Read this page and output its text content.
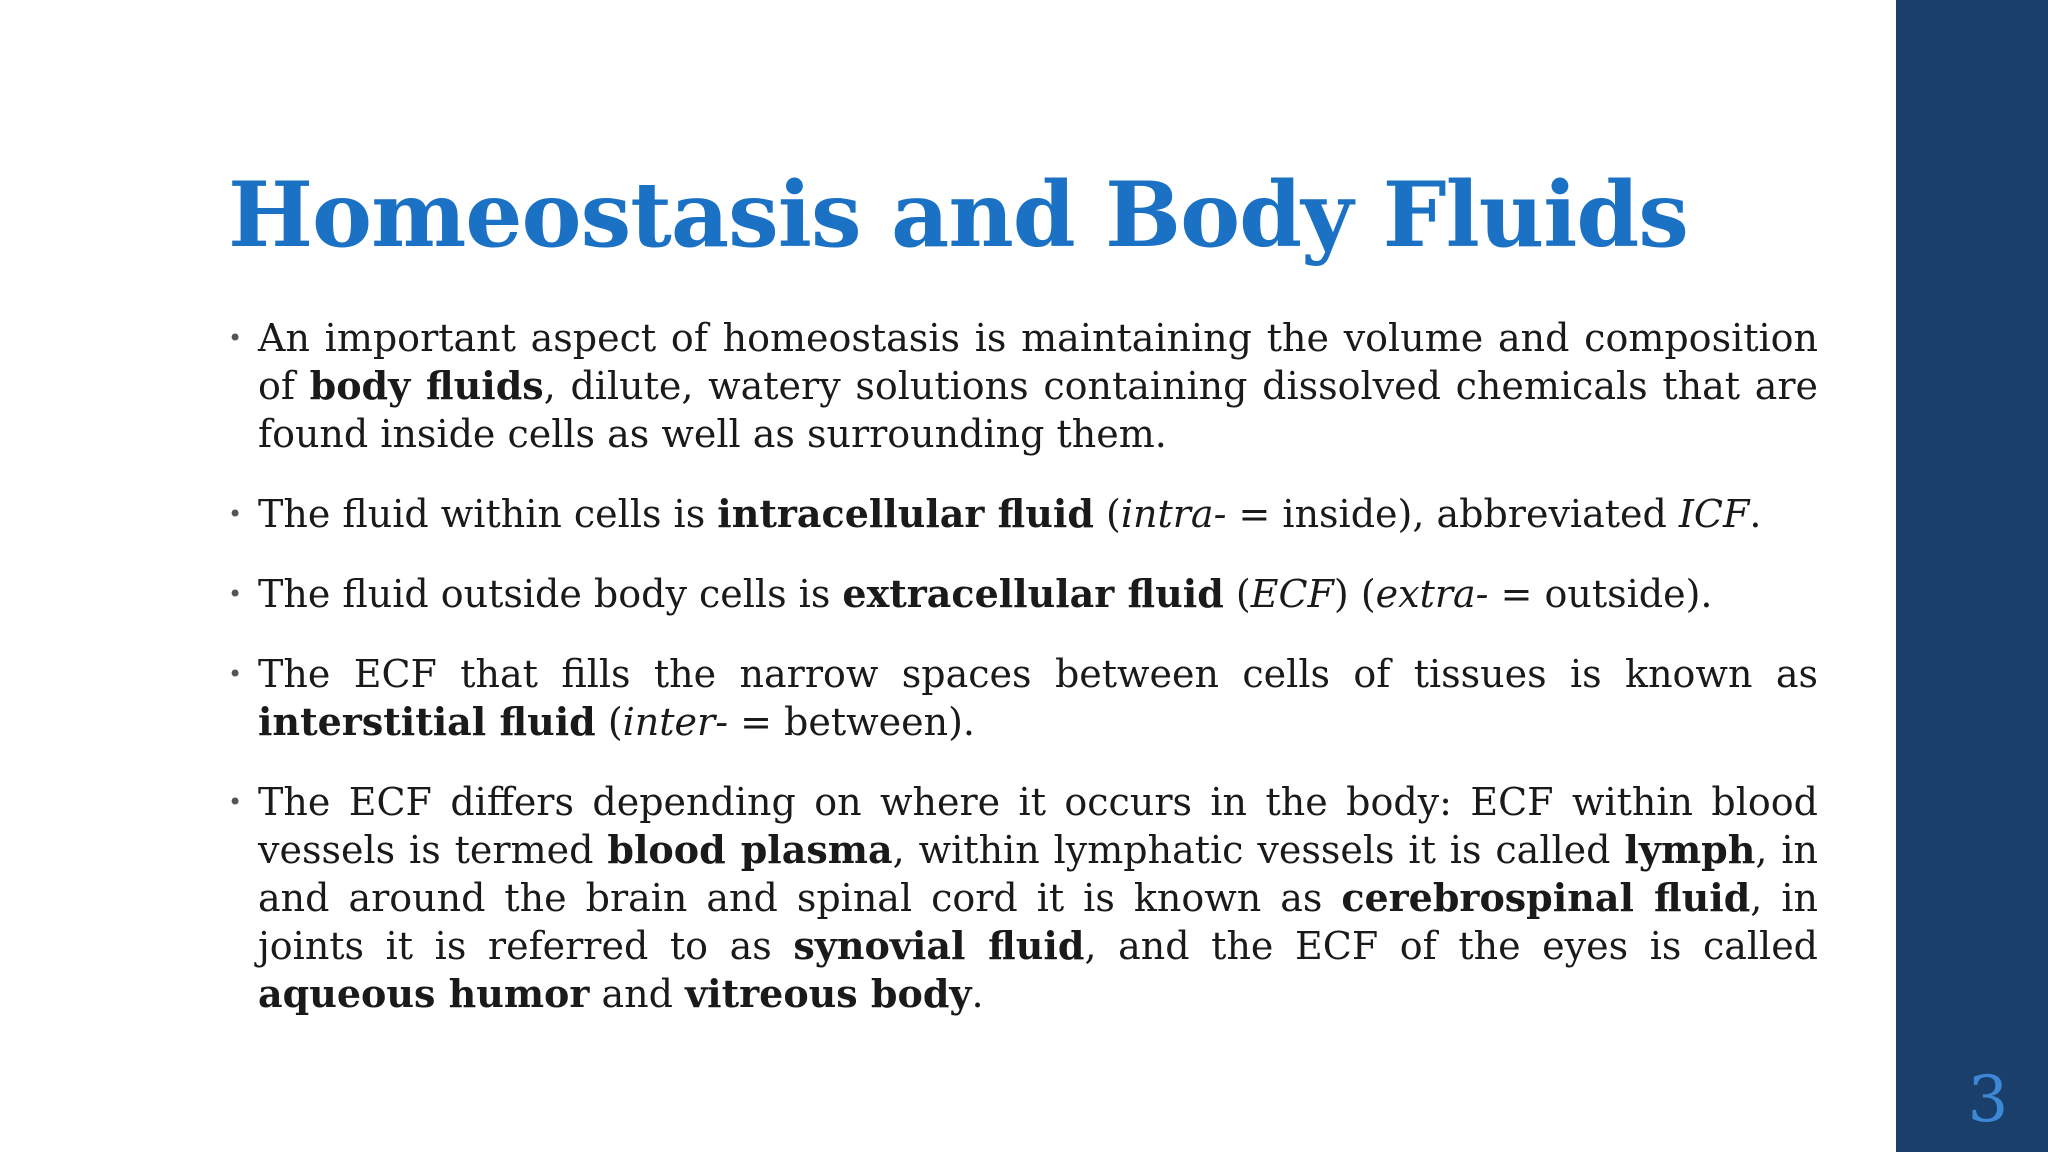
Homeostasis and Body Fluids
• An important aspect of homeostasis is maintaining the volume and composition of body fluids, dilute, watery solutions containing dissolved chemicals that are found inside cells as well as surrounding them.
• The fluid within cells is intracellular fluid (intra- = inside), abbreviated ICF.
• The fluid outside body cells is extracellular fluid (ECF) (extra- = outside).
• The ECF that fills the narrow spaces between cells of tissues is known as interstitial fluid (inter- = between).
• The ECF differs depending on where it occurs in the body: ECF within blood vessels is termed blood plasma, within lymphatic vessels it is called lymph, in and around the brain and spinal cord it is known as cerebrospinal fluid, in joints it is referred to as synovial fluid, and the ECF of the eyes is called aqueous humor and vitreous body.
3
